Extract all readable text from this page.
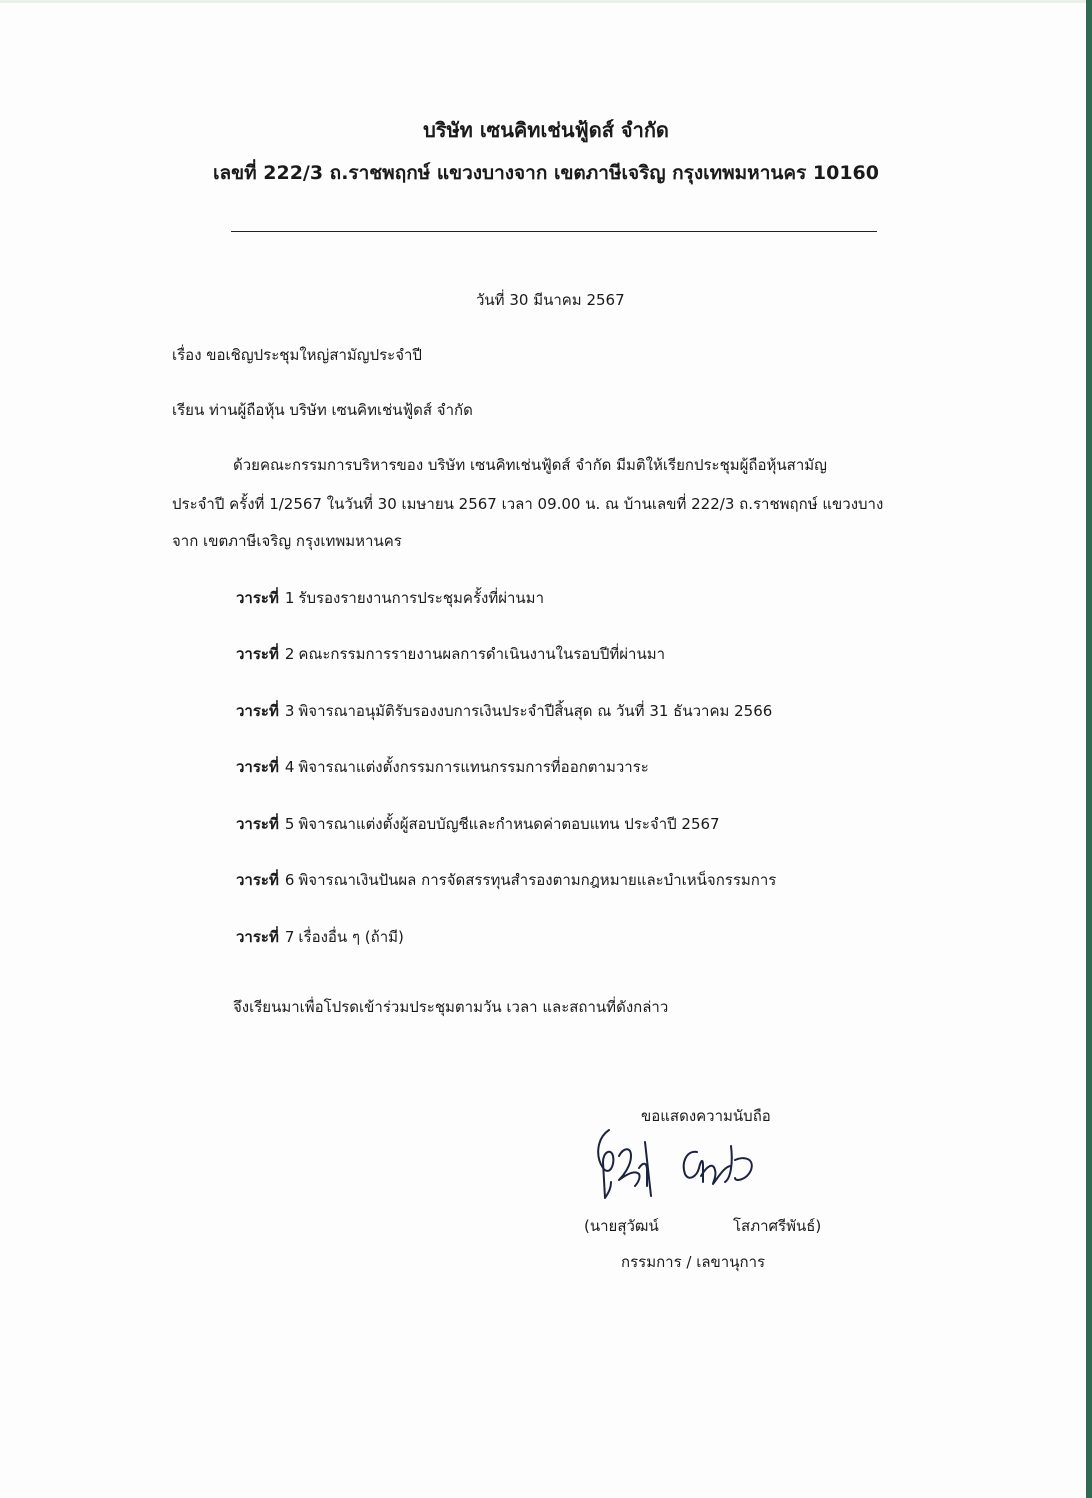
บริษัท เซนคิทเช่นฟู้ดส์ จำกัด
เลขที่ 222/3 ถ.ราชพฤกษ์ แขวงบางจาก เขตภาษีเจริญ กรุงเทพมหานคร 10160
วันที่ 30 มีนาคม 2567
เรื่อง ขอเชิญประชุมใหญ่สามัญประจำปี
เรียน ท่านผู้ถือหุ้น บริษัท เซนคิทเช่นฟู้ดส์ จำกัด
ด้วยคณะกรรมการบริหารของ บริษัท เซนคิทเช่นฟู้ดส์ จำกัด มีมติให้เรียกประชุมผู้ถือหุ้นสามัญ
ประจำปี ครั้งที่ 1/2567 ในวันที่ 30 เมษายน 2567 เวลา 09.00 น. ณ บ้านเลขที่ 222/3 ถ.ราชพฤกษ์ แขวงบาง
จาก เขตภาษีเจริญ กรุงเทพมหานคร
วาระที่ 1 รับรองรายงานการประชุมครั้งที่ผ่านมา
วาระที่ 2 คณะกรรมการรายงานผลการดำเนินงานในรอบปีที่ผ่านมา
วาระที่ 3 พิจารณาอนุมัติรับรองงบการเงินประจำปีสิ้นสุด ณ วันที่ 31 ธันวาคม 2566
วาระที่ 4 พิจารณาแต่งตั้งกรรมการแทนกรรมการที่ออกตามวาระ
วาระที่ 5 พิจารณาแต่งตั้งผู้สอบบัญชีและกำหนดค่าตอบแทน ประจำปี 2567
วาระที่ 6 พิจารณาเงินปันผล การจัดสรรทุนสำรองตามกฎหมายและบำเหน็จกรรมการ
วาระที่ 7 เรื่องอื่น ๆ (ถ้ามี)
จึงเรียนมาเพื่อโปรดเข้าร่วมประชุมตามวัน เวลา และสถานที่ดังกล่าว
ขอแสดงความนับถือ
(นายสุวัฒน์	โสภาศรีพันธ์)
กรรมการ / เลขานุการ
